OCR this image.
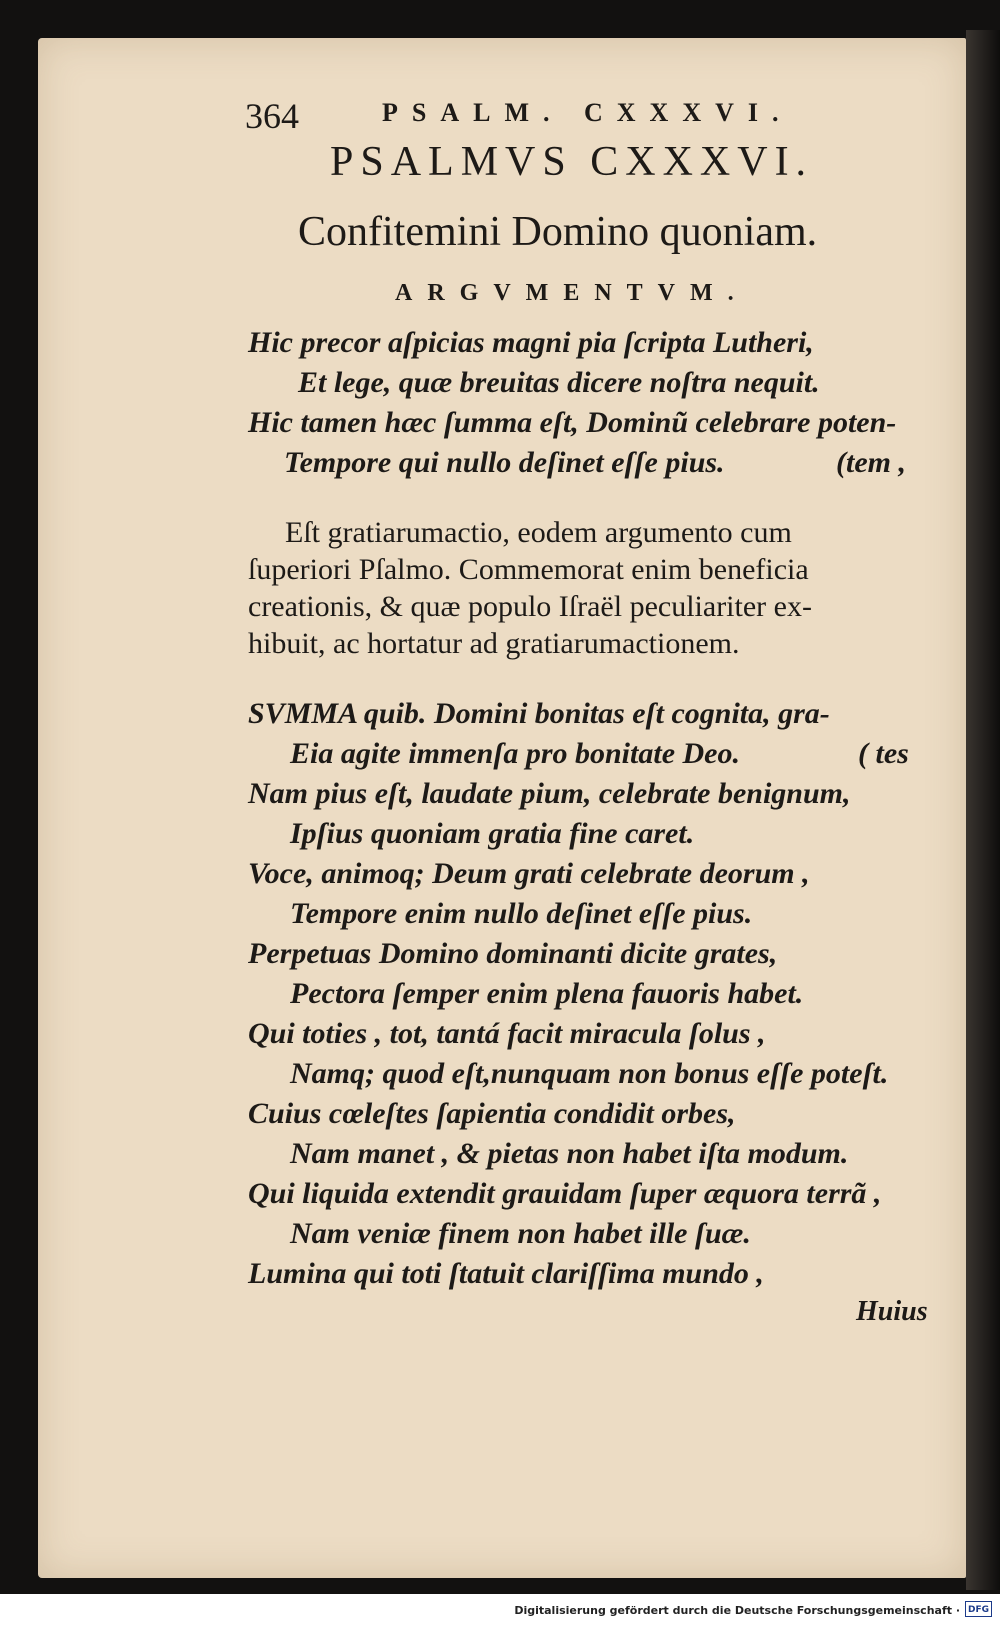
364	PSALM. CXXXVI.
PSALMVS CXXXVI.
Confitemini Domino quoniam.
ARGVMENTVM.
Hic precor aſpicias magni pia ſcripta Lutheri,
Et lege, quæ breuitas dicere noſtra nequit.
Hic tamen hæc ſumma eſt, Dominũ celebrare poten-
Tempore qui nullo deſinet eſſe pius.	(tem ,
Eſt gratiarumactio, eodem argumento cum
ſuperiori Pſalmo. Commemorat enim beneficia
creationis, & quæ populo Iſraël peculiariter ex-
hibuit, ac hortatur ad gratiarumactionem.
SVMMA quib. Domini bonitas eſt cognita, gra-
Eia agite immenſa pro bonitate Deo.	( tes
Nam pius eſt, laudate pium, celebrate benignum,
Ipſius quoniam gratia fine caret.
Voce, animoq; Deum grati celebrate deorum ,
Tempore enim nullo deſinet eſſe pius.
Perpetuas Domino dominanti dicite grates,
Pectora ſemper enim plena fauoris habet.
Qui toties , tot, tantá facit miracula ſolus ,
Namq; quod eſt,nunquam non bonus eſſe poteſt.
Cuius cœleſtes ſapientia condidit orbes,
Nam manet , & pietas non habet iſta modum.
Qui liquida extendit grauidam ſuper æquora terrã ,
Nam veniæ finem non habet ille ſuæ.
Lumina qui toti ſtatuit clariſſima mundo ,
Huius
Digitalisierung gefördert durch die Deutsche Forschungsgemeinschaft · DFG
